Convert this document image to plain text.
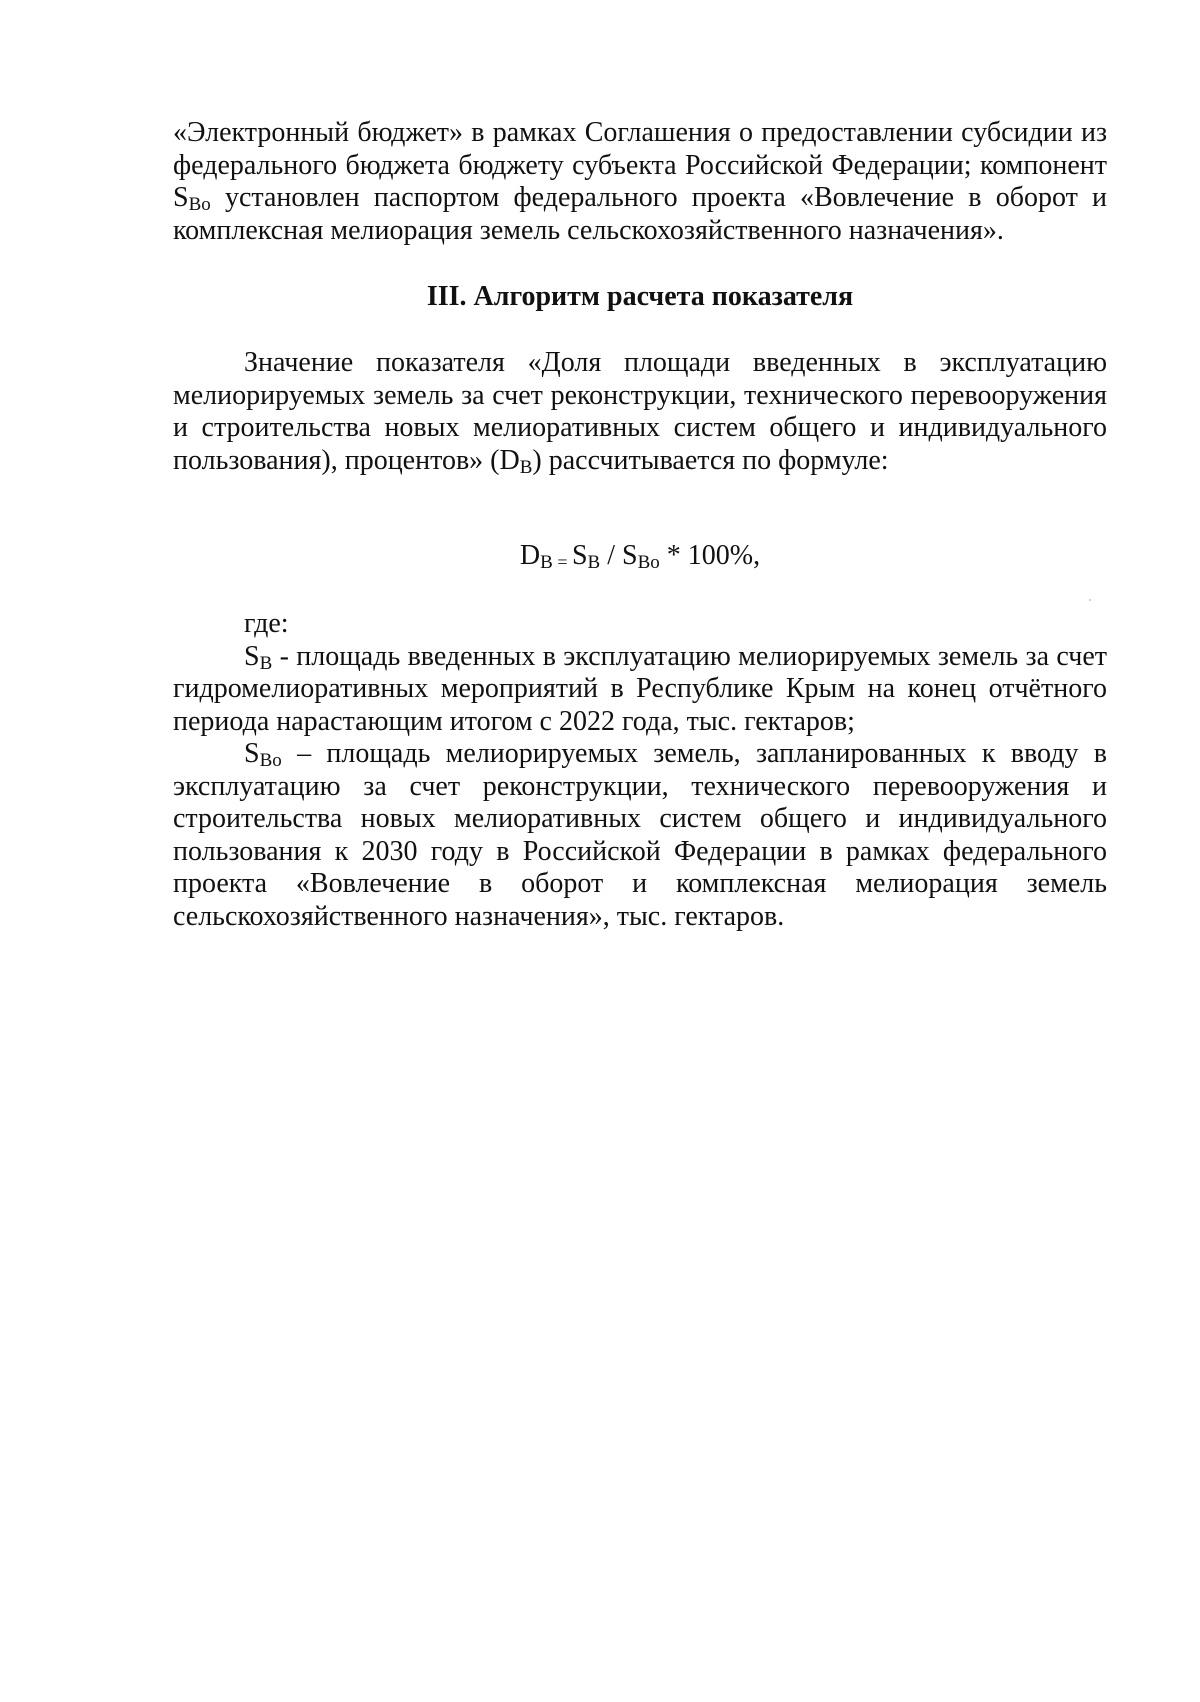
«Электронный бюджет» в рамках Соглашения о предоставлении субсидии из федерального бюджета бюджету субъекта Российской Федерации; компонент $S_{Bo}$ установлен паспортом федерального проекта «Вовлечение в оборот и комплексная мелиорация земель сельскохозяйственного назначения».
III. Алгоритм расчета показателя

Значение показателя «Доля площади введенных в эксплуатацию мелиорируемых земель за счет реконструкции, технического перевооружения и строительства новых мелиоративных систем общего и индивидуального пользования), процентов» $(D_B)$ рассчитывается по формуле:

$D_B = S_B / S_{Bo} * 100\%$,

где:

$S_B$ - площадь введенных в эксплуатацию мелиорируемых земель за счет гидромелиоративных мероприятий в Республике Крым на конец отчётного периода нарастающим итогом с 2022 года, тыс. гектаров;

$S_{Bo}$ – площадь мелиорируемых земель, запланированных к вводу в эксплуатацию за счет реконструкции, технического перевооружения и строительства новых мелиоративных систем общего и индивидуального пользования к 2030 году в Российской Федерации в рамках федерального проекта «Вовлечение в оборот и комплексная мелиорация земель сельскохозяйственного назначения», тыс. гектаров.
